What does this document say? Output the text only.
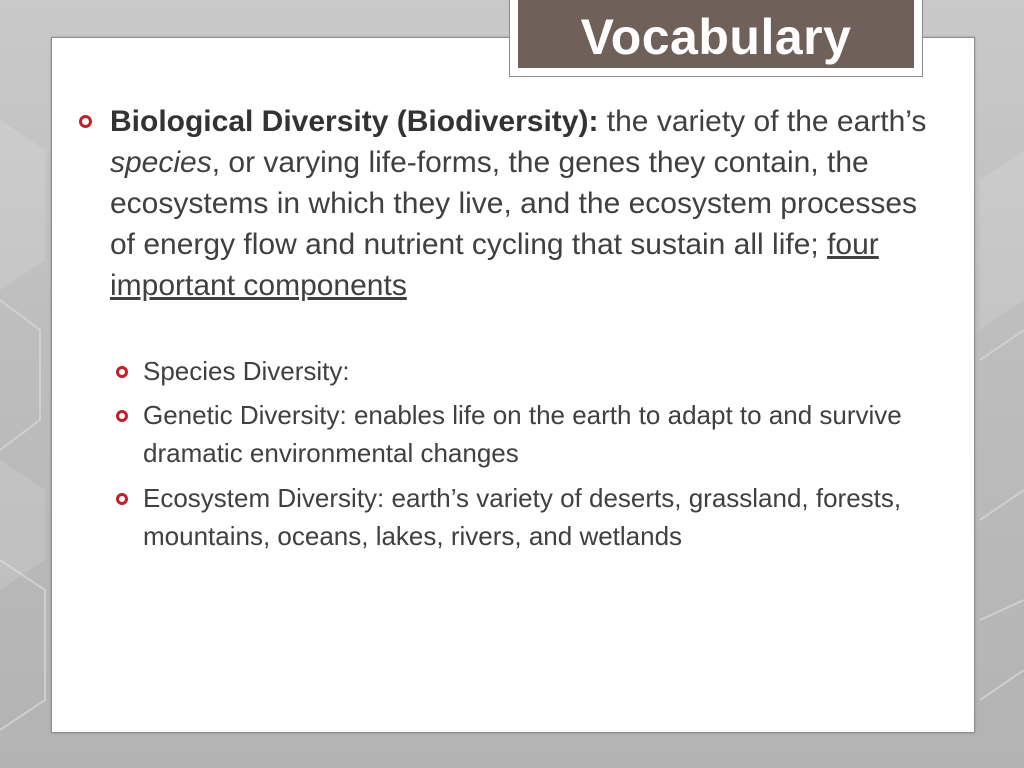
Vocabulary
Biological Diversity (Biodiversity): the variety of the earth’s species, or varying life-forms, the genes they contain, the ecosystems in which they live, and the ecosystem processes of energy flow and nutrient cycling that sustain all life; four important components
Species Diversity:
Genetic Diversity: enables life on the earth to adapt to and survive dramatic environmental changes
Ecosystem Diversity: earth’s variety of deserts, grassland, forests, mountains, oceans, lakes, rivers, and wetlands
